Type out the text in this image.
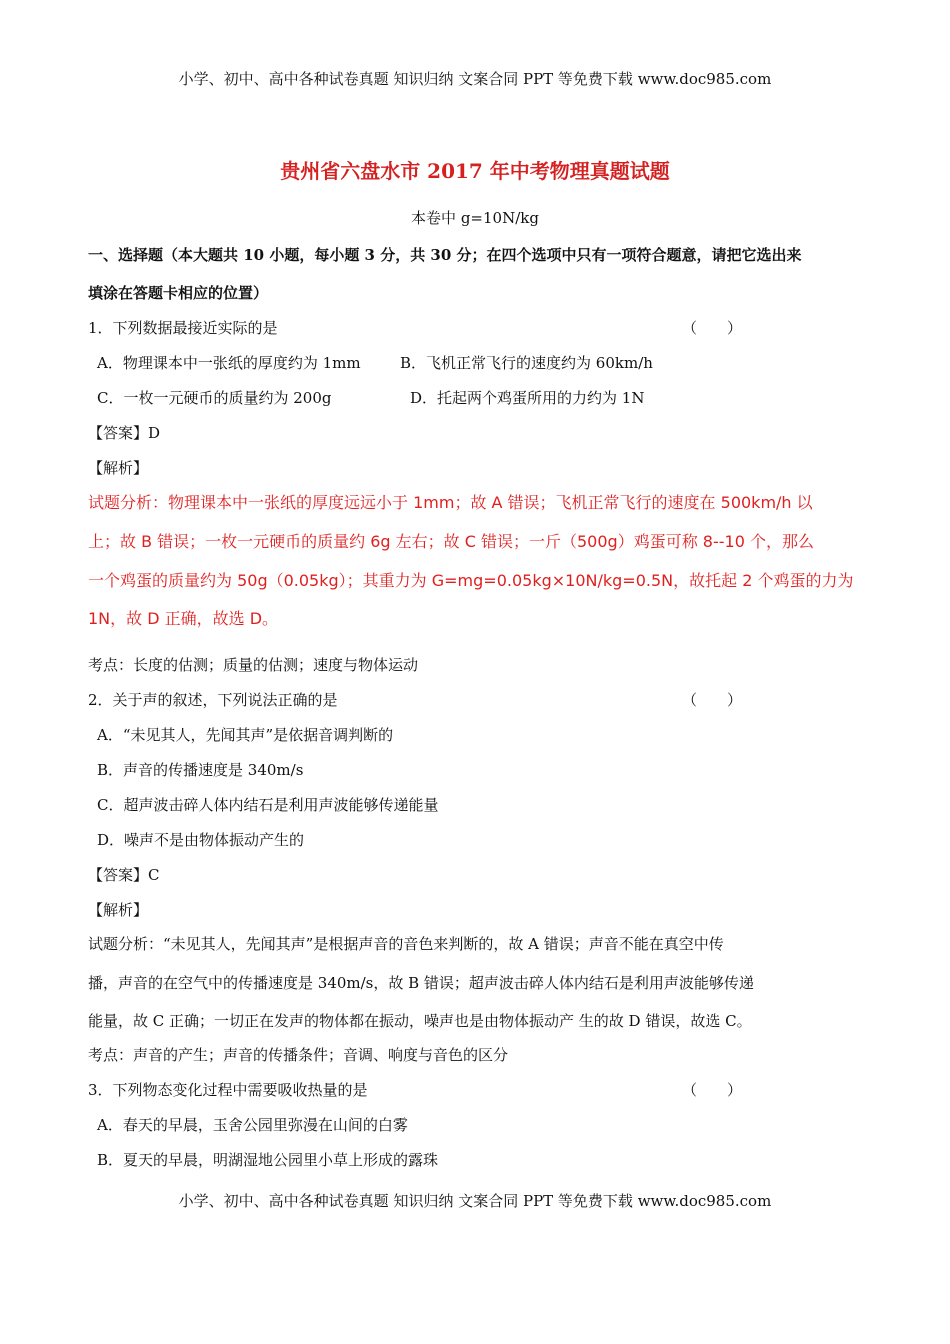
小学、初中、高中各种试卷真题 知识归纳 文案合同 PPT 等免费下载 www.doc985.com
贵州省六盘水市 2017 年中考物理真题试题
本卷中 g=10N/kg
一、选择题（本大题共 10 小题，每小题 3 分，共 30 分；在四个选项中只有一项符合题意，请把它选出来
填涂在答题卡相应的位置）
1．下列数据最接近实际的是	（　　）
A．物理课本中一张纸的厚度约为 1mm	B．飞机正常飞行的速度约为 60km/h
C．一枚一元硬币的质量约为 200g	D．托起两个鸡蛋所用的力约为 1N
【答案】D
【解析】
试题分析：物理课本中一张纸的厚度远远小于 1mm；故 A 错误；飞机正常飞行的速度在 500km/h 以
上；故 B 错误；一枚一元硬币的质量约 6g 左右；故 C 错误；一斤（500g）鸡蛋可称 8--10 个，那么
一个鸡蛋的质量约为 50g（0.05kg）；其重力为 G=mg=0.05kg×10N/kg=0.5N，故托起 2 个鸡蛋的力为
1N，故 D 正确，故选 D。
考点：长度的估测；质量的估测；速度与物体运动
2．关于声的叙述，下列说法正确的是	（　　）
A．“未见其人，先闻其声”是依据音调判断的
B．声音的传播速度是 340m/s
C．超声波击碎人体内结石是利用声波能够传递能量
D．噪声不是由物体振动产生的
【答案】C
【解析】
试题分析：“未见其人，先闻其声”是根据声音的音色来判断的，故 A 错误；声音不能在真空中传
播，声音的在空气中的传播速度是 340m/s，故 B 错误；超声波击碎人体内结石是利用声波能够传递
能量，故 C 正确；一切正在发声的物体都在振动，噪声也是由物体振动产 生的故 D 错误，故选 C。
考点：声音的产生；声音的传播条件；音调、响度与音色的区分
3．下列物态变化过程中需要吸收热量的是	（　　）
A．春天的早晨，玉舍公园里弥漫在山间的白雾
B．夏天的早晨，明湖湿地公园里小草上形成的露珠
小学、初中、高中各种试卷真题 知识归纳 文案合同 PPT 等免费下载 www.doc985.com
